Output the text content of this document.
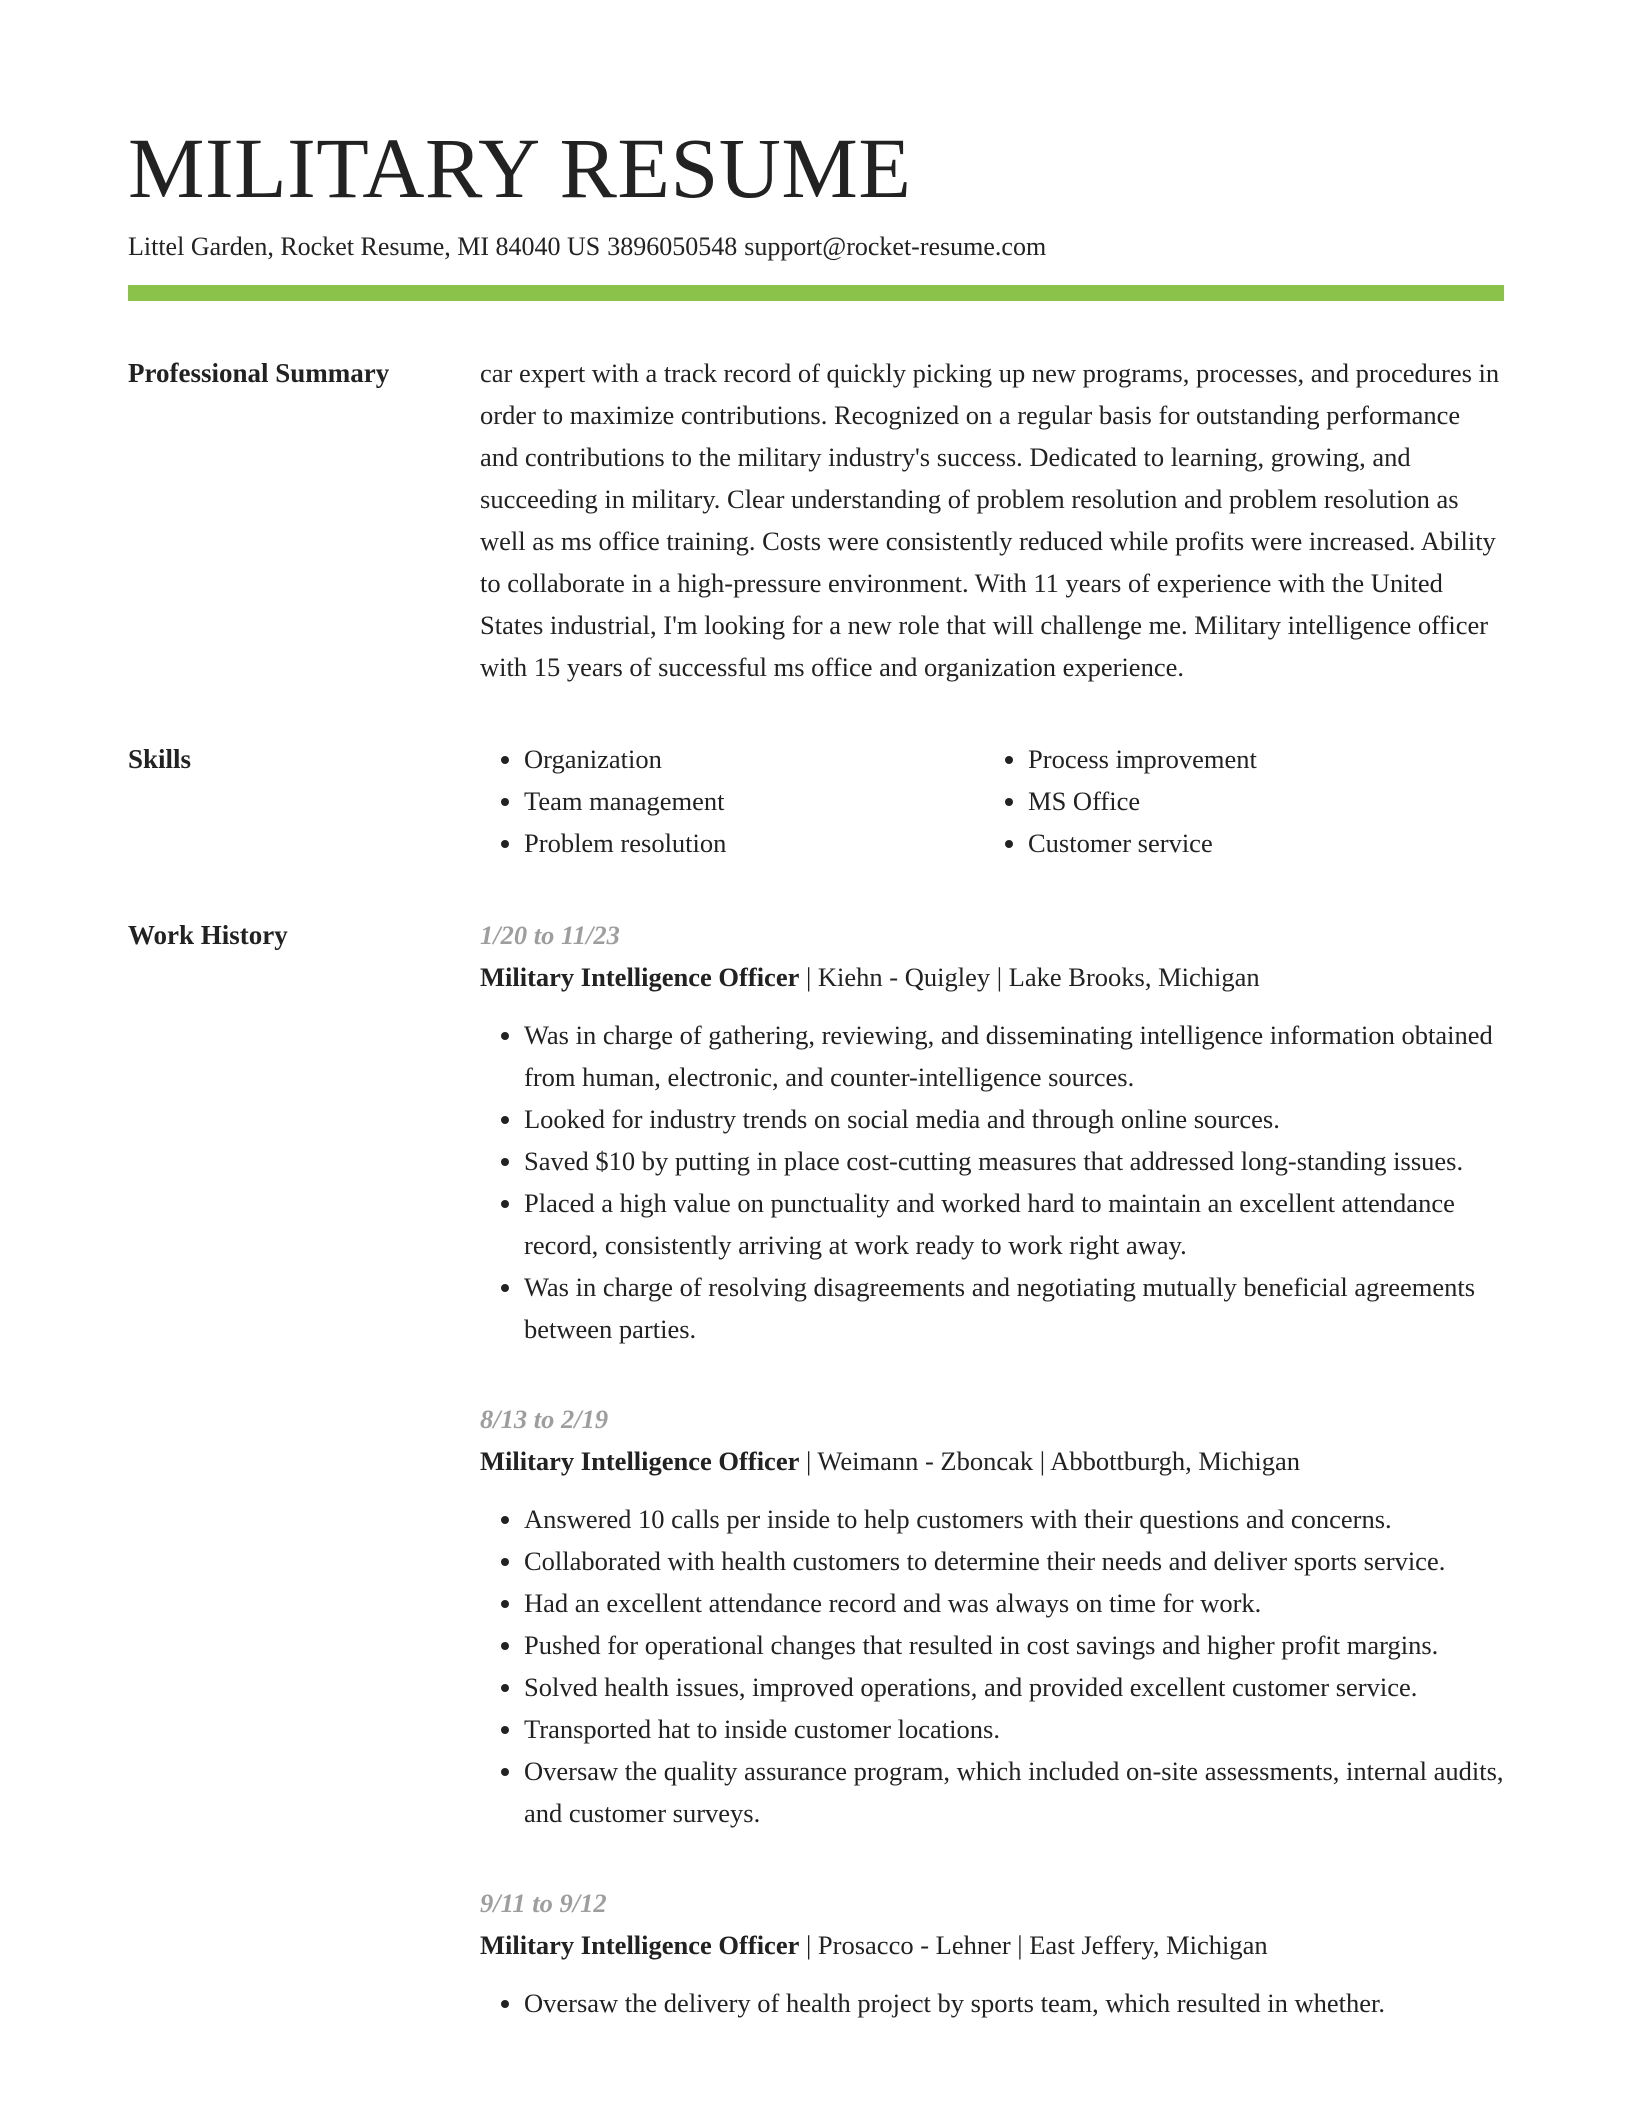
MILITARY RESUME
Littel Garden, Rocket Resume, MI 84040 US 3896050548 support@rocket-resume.com
Professional Summary	car expert with a track record of quickly picking up new programs, processes, and procedures in order to maximize contributions. Recognized on a regular basis for outstanding performance and contributions to the military industry's success. Dedicated to learning, growing, and succeeding in military. Clear understanding of problem resolution and problem resolution as well as ms office training. Costs were consistently reduced while profits were increased. Ability to collaborate in a high-pressure environment. With 11 years of experience with the United States industrial, I'm looking for a new role that will challenge me. Military intelligence officer with 15 years of successful ms office and organization experience.

Skills
•	Organization
• Team management
• Problem resolution
• Process improvement
• MS Office
• Customer service
Work History	1/20 to 11/23
Military Intelligence Officer | Kiehn - Quigley | Lake Brooks, Michigan
• Was in charge of gathering, reviewing, and disseminating intelligence information obtained from human, electronic, and counter-intelligence sources.
• Looked for industry trends on social media and through online sources.
• Saved $10 by putting in place cost-cutting measures that addressed long-standing issues.
• Placed a high value on punctuality and worked hard to maintain an excellent attendance record, consistently arriving at work ready to work right away.
• Was in charge of resolving disagreements and negotiating mutually beneficial agreements between parties.
8/13 to 2/19
Military Intelligence Officer | Weimann - Zboncak | Abbottburgh, Michigan
• Answered 10 calls per inside to help customers with their questions and concerns.
• Collaborated with health customers to determine their needs and deliver sports service.
• Had an excellent attendance record and was always on time for work.
• Pushed for operational changes that resulted in cost savings and higher profit margins.
• Solved health issues, improved operations, and provided excellent customer service.
• Transported hat to inside customer locations.
• Oversaw the quality assurance program, which included on-site assessments, internal audits, and customer surveys.
9/11 to 9/12
Military Intelligence Officer | Prosacco - Lehner | East Jeffery, Michigan
• Oversaw the delivery of health project by sports team, which resulted in whether.
